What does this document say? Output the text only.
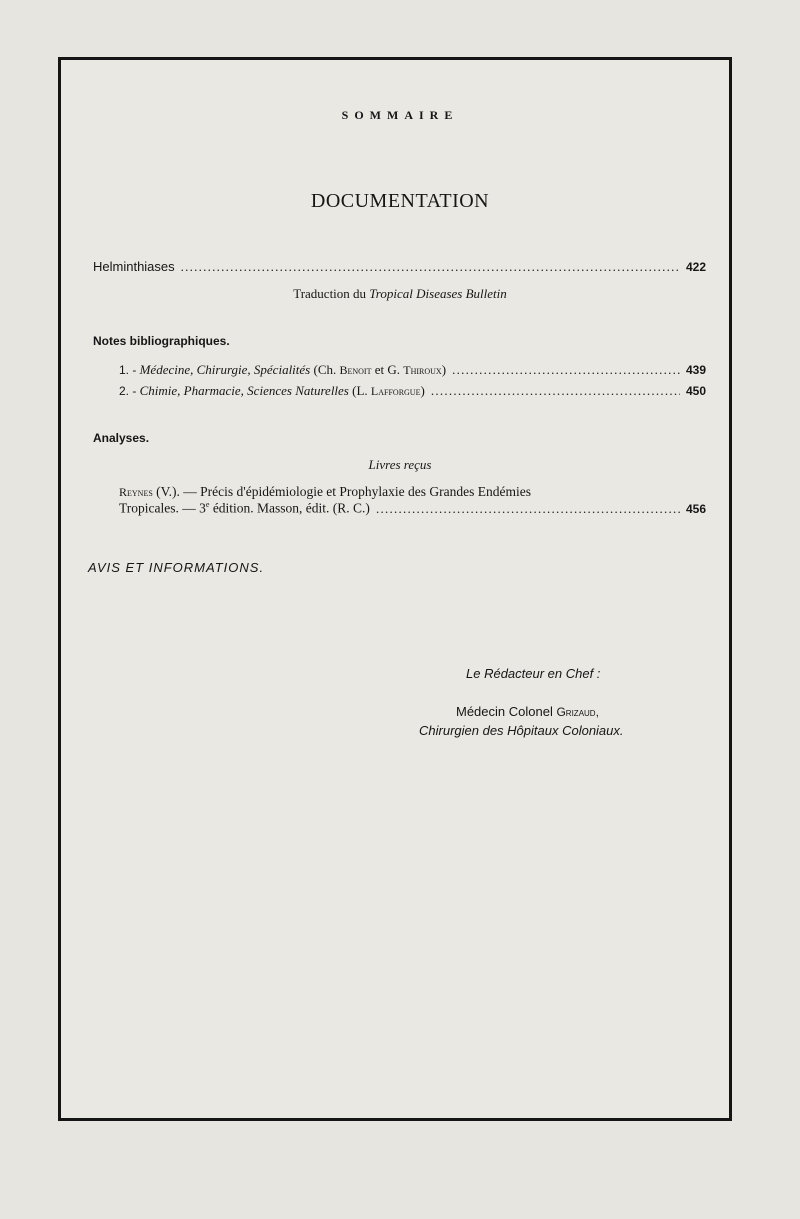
SOMMAIRE
DOCUMENTATION
Helminthiases . . .	422
Traduction du Tropical Diseases Bulletin
Notes bibliographiques.
1. - Médecine, Chirurgie, Spécialités (Ch. Benoit et G. Thiroux) . . .	439
2. - Chimie, Pharmacie, Sciences Naturelles (L. Lafforgue) . . .	450
Analyses.
Livres reçus
Reynes (V.). — Précis d'épidémiologie et Prophylaxie des Grandes Endémies
Tropicales. — 3e édition. Masson, édit. (R. C.) . . .	456
AVIS ET INFORMATIONS.
Le Rédacteur en Chef :
Médecin Colonel Grizaud,
Chirurgien des Hôpitaux Coloniaux.
